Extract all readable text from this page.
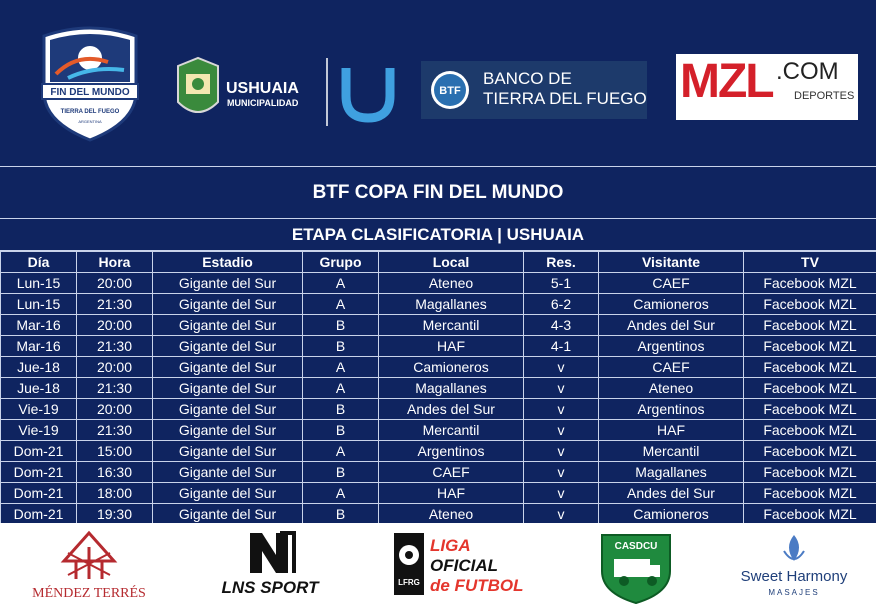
FIN DEL MUNDO
TIERRA DEL FUEGO
ARGENTINA
USHUAIA
MUNICIPALIDAD
BTF
BANCO DE
TIERRA DEL FUEGO MZL .COM
DEPORTES
BTF COPA FIN DEL MUNDO
ETAPA CLASIFICATORIA | USHUAIA
Día	Hora	Estadio	Grupo	Local	Res.	Visitante	TV
Lun-15	20:00	Gigante del Sur	A	Ateneo	5-1	CAEF	Facebook MZL
Lun-15	21:30	Gigante del Sur	A	Magallanes	6-2	Camioneros	Facebook MZL
Mar-16	20:00	Gigante del Sur	B	Mercantil	4-3	Andes del Sur	Facebook MZL
Mar-16	21:30	Gigante del Sur	B	HAF	4-1	Argentinos	Facebook MZL
Jue-18	20:00	Gigante del Sur	A	Camioneros	v	CAEF	Facebook MZL
Jue-18	21:30	Gigante del Sur	A	Magallanes	v	Ateneo	Facebook MZL
Vie-19	20:00	Gigante del Sur	B	Andes del Sur	v	Argentinos	Facebook MZL
Vie-19	21:30	Gigante del Sur	B	Mercantil	v	HAF	Facebook MZL
Dom-21	15:00	Gigante del Sur	A	Argentinos	v	Mercantil	Facebook MZL
Dom-21	16:30	Gigante del Sur	B	CAEF	v	Magallanes	Facebook MZL
Dom-21	18:00	Gigante del Sur	A	HAF	v	Andes del Sur	Facebook MZL
Dom-21	19:30	Gigante del Sur	B	Ateneo	v	Camioneros	Facebook MZL
MÉNDEZ TERRÉS	LNS SPORT	LFRG
LIGA
OFICIAL
de FUTBOL
CASDCU
Sweet Harmony
MASAJES
